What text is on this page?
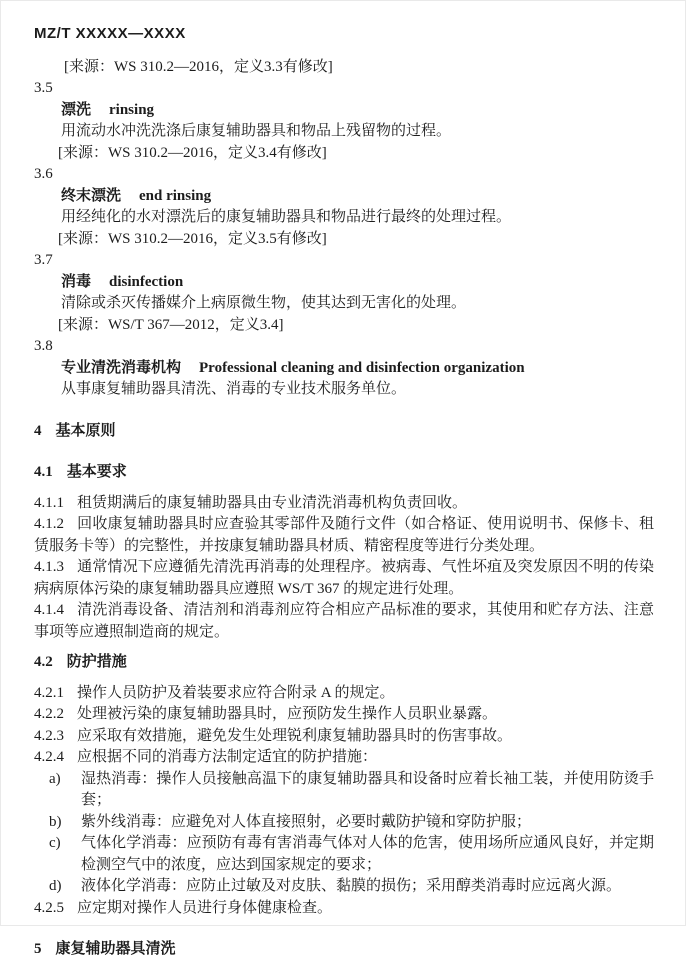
MZ/T XXXXX—XXXX

[来源：WS 310.2—2016，定义3.3有修改]

3.5

漂洗 rinsing

用流动水冲洗洗涤后康复辅助器具和物品上残留物的过程。

[来源：WS 310.2—2016，定义3.4有修改]

3.6

终末漂洗 end rinsing

用经纯化的水对漂洗后的康复辅助器具和物品进行最终的处理过程。

[来源：WS 310.2—2016，定义3.5有修改]

3.7

消毒 disinfection

清除或杀灭传播媒介上病原微生物，使其达到无害化的处理。

[来源：WS/T 367—2012，定义3.4]

3.8

专业清洗消毒机构 Professional cleaning and disinfection organization

从事康复辅助器具清洗、消毒的专业技术服务单位。

4 基本原则

4.1 基本要求

4.1.1 租赁期满后的康复辅助器具由专业清洗消毒机构负责回收。

4.1.2 回收康复辅助器具时应查验其零部件及随行文件（如合格证、使用说明书、保修卡、租赁服务卡等）的完整性，并按康复辅助器具材质、精密程度等进行分类处理。

4.1.3 通常情况下应遵循先清洗再消毒的处理程序。被病毒、气性坏疽及突发原因不明的传染病病原体污染的康复辅助器具应遵照 WS/T 367 的规定进行处理。

4.1.4 清洗消毒设备、清洁剂和消毒剂应符合相应产品标准的要求，其使用和贮存方法、注意事项等应遵照制造商的规定。

4.2 防护措施

4.2.1 操作人员防护及着装要求应符合附录 A 的规定。

4.2.2 处理被污染的康复辅助器具时，应预防发生操作人员职业暴露。

4.2.3 应采取有效措施，避免发生处理锐利康复辅助器具时的伤害事故。

4.2.4 应根据不同的消毒方法制定适宜的防护措施：

a) 湿热消毒：操作人员接触高温下的康复辅助器具和设备时应着长袖工装，并使用防烫手套；

b) 紫外线消毒：应避免对人体直接照射，必要时戴防护镜和穿防护服；

c) 气体化学消毒：应预防有毒有害消毒气体对人体的危害，使用场所应通风良好，并定期检测空气中的浓度，应达到国家规定的要求；

d) 液体化学消毒：应防止过敏及对皮肤、黏膜的损伤；采用醇类消毒时应远离火源。

4.2.5 应定期对操作人员进行身体健康检查。

5 康复辅助器具清洗
